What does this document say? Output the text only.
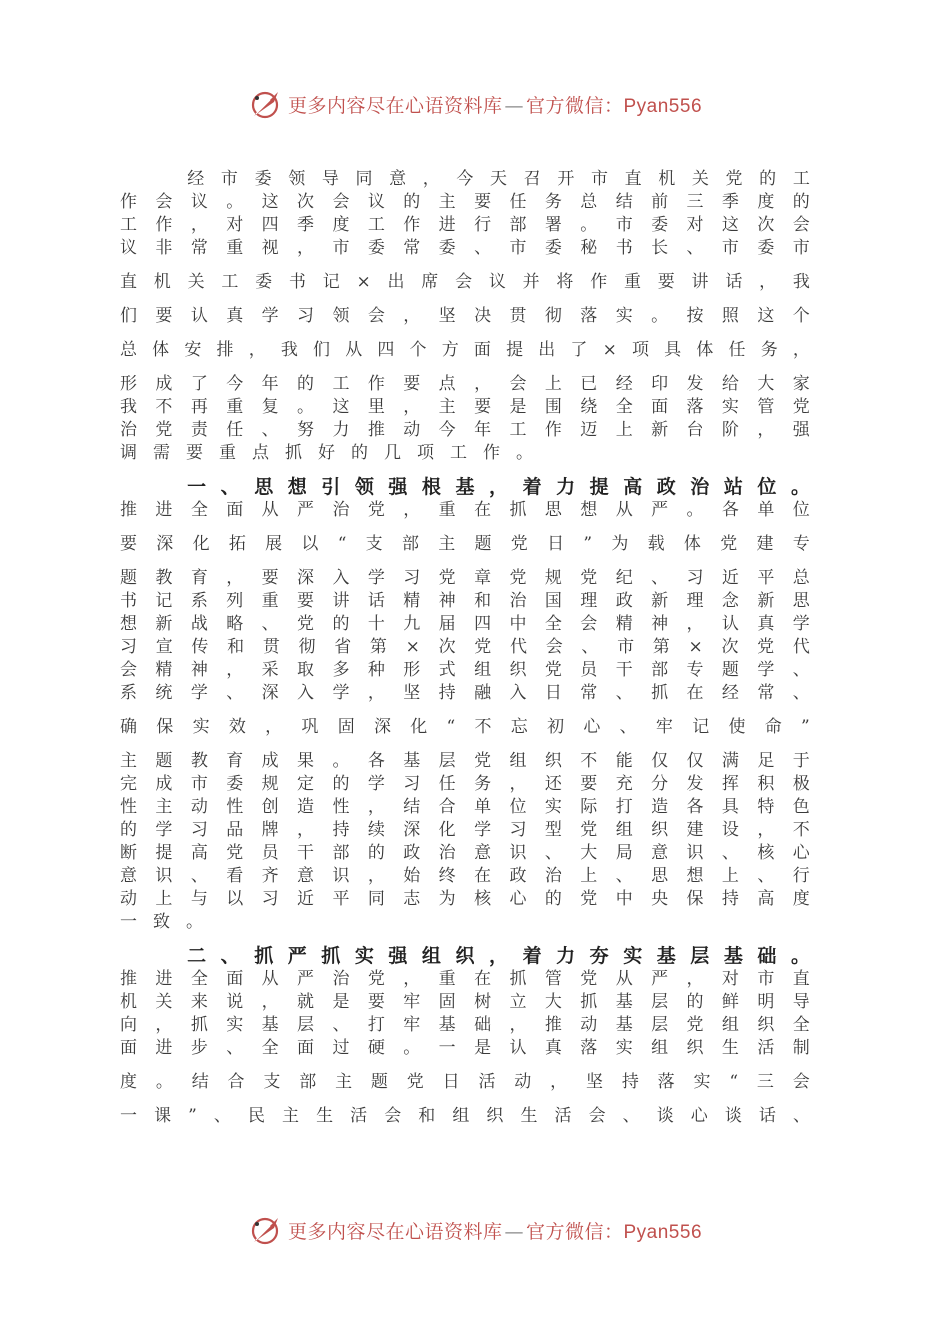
更多内容尽在心语资料库 — 官方微信：Pyan556

经 市 委 领 导 同 意 ， 今 天 召 开 市 直 机 关 党 的 工
作 会 议 。 这 次 会 议 的 主 要 任 务 总 结 前 三 季 度 的
工 作 ， 对 四 季 度 工 作 进 行 部 署 。 市 委 对 这 次 会
议 非 常 重 视 ， 市 委 常 委 、 市 委 秘 书 长 、 市 委 市
直 机 关 工 委 书 记 × 出 席 会 议 并 将 作 重 要 讲 话 ， 我
们 要 认 真 学 习 领 会 ， 坚 决 贯 彻 落 实 。 按 照 这 个
总 体 安 排 ， 我 们 从 四 个 方 面 提 出 了 × 项 具 体 任 务 ，
形 成 了 今 年 的 工 作 要 点 ， 会 上 已 经 印 发 给 大 家
我 不 再 重 复 。 这 里 ， 主 要 是 围 绕 全 面 落 实 管 党
治 党 责 任 、 努 力 推 动 今 年 工 作 迈 上 新 台 阶 ， 强
调 需 要 重 点 抓 好 的 几 项 工 作 。

一 、 思 想 引 领 强 根 基 ， 着 力 提 高 政 治 站 位 。
推 进 全 面 从 严 治 党 ， 重 在 抓 思 想 从 严 。 各 单 位
要 深 化 拓 展 以 “ 支 部 主 题 党 日 ” 为 载 体 党 建 专
题 教 育 ， 要 深 入 学 习 党 章 党 规 党 纪 、 习 近 平 总
书 记 系 列 重 要 讲 话 精 神 和 治 国 理 政 新 理 念 新 思
想 新 战 略 、 党 的 十 九 届 四 中 全 会 精 神 ， 认 真 学
习 宣 传 和 贯 彻 省 第 × 次 党 代 会 、 市 第 × 次 党 代
会 精 神 ， 采 取 多 种 形 式 组 织 党 员 干 部 专 题 学 、
系 统 学 、 深 入 学 ， 坚 持 融 入 日 常 、 抓 在 经 常 、
确 保 实 效 ， 巩 固 深 化 “ 不 忘 初 心 、 牢 记 使 命 ”
主 题 教 育 成 果 。 各 基 层 党 组 织 不 能 仅 仅 满 足 于
完 成 市 委 规 定 的 学 习 任 务 ， 还 要 充 分 发 挥 积 极
性 主 动 性 创 造 性 ， 结 合 单 位 实 际 打 造 各 具 特 色
的 学 习 品 牌 ， 持 续 深 化 学 习 型 党 组 织 建 设 ， 不
断 提 高 党 员 干 部 的 政 治 意 识 、 大 局 意 识 、 核 心
意 识 、 看 齐 意 识 ， 始 终 在 政 治 上 、 思 想 上 、 行
动 上 与 以 习 近 平 同 志 为 核 心 的 党 中 央 保 持 高 度
一 致 。

二 、 抓 严 抓 实 强 组 织 ， 着 力 夯 实 基 层 基 础 。
推 进 全 面 从 严 治 党 ， 重 在 抓 管 党 从 严 ， 对 市 直
机 关 来 说 ， 就 是 要 牢 固 树 立 大 抓 基 层 的 鲜 明 导
向 ， 抓 实 基 层 、 打 牢 基 础 ， 推 动 基 层 党 组 织 全
面 进 步 、 全 面 过 硬 。 一 是 认 真 落 实 组 织 生 活 制
度 。 结 合 支 部 主 题 党 日 活 动 ， 坚 持 落 实 “ 三 会
一 课 ” 、 民 主 生 活 会 和 组 织 生 活 会 、 谈 心 谈 话 、
更多内容尽在心语资料库 — 官方微信：Pyan556
